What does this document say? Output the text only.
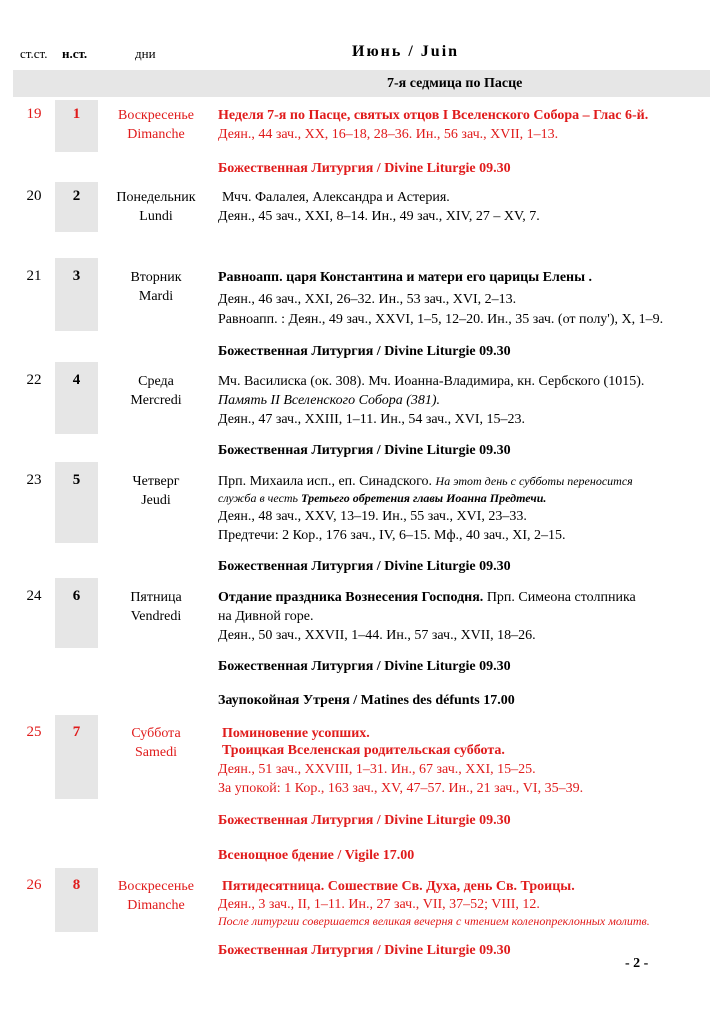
ст.ст. н.ст.	дни	Июнь / Juin
7-я седмица по Пасце
19	1	Воскресенье
Dimanche
Неделя 7-я по Пасце, святых отцов I Вселенского Собора – Глас 6-й.
Деян., 44 зач., XX, 16–18, 28–36. Ин., 56 зач., XVII, 1–13.
Божественная Литургия / Divine Liturgie 09.30
20	2	Понедельник
Lundi
Мчч. Фалалея, Александра и Астерия.
Деян., 45 зач., XXI, 8–14. Ин., 49 зач., XIV, 27 – XV, 7.
21	3	Вторник
Mardi
Равноапп. царя Константина и матери его царицы Елены .
Деян., 46 зач., XXI, 26–32. Ин., 53 зач., XVI, 2–13.
Равноапп. : Деян., 49 зач., XXVI, 1–5, 12–20. Ин., 35 зач. (от полу'), X, 1–9.
Божественная Литургия / Divine Liturgie 09.30
22	4	Среда
Mercredi
Мч. Василиска (ок. 308). Мч. Иоанна-Владимира, кн. Сербского (1015).
Память II Вселенского Собора (381).
Деян., 47 зач., XXIII, 1–11. Ин., 54 зач., XVI, 15–23.
Божественная Литургия / Divine Liturgie 09.30
23	5	Четверг
Jeudi
Прп. Михаила исп., еп. Синадского. На этот день с субботы переносится
служба в честь Третьего обретения главы Иоанна Предтечи.
Деян., 48 зач., XXV, 13–19. Ин., 55 зач., XVI, 23–33.
Предтечи: 2 Кор., 176 зач., IV, 6–15. Мф., 40 зач., XI, 2–15.
Божественная Литургия / Divine Liturgie 09.30
24	6	Пятница
Vendredi
Отдание праздника Вознесения Господня. Прп. Симеона столпника
на Дивной горе.
Деян., 50 зач., XXVII, 1–44. Ин., 57 зач., XVII, 18–26.
Божественная Литургия / Divine Liturgie 09.30
Заупокойная Утреня / Matines des défunts 17.00
25	7	Суббота
Samedi
Поминовение усопших.
Троицкая Вселенская родительская суббота.
Деян., 51 зач., XXVIII, 1–31. Ин., 67 зач., XXI, 15–25.
За упокой: 1 Кор., 163 зач., XV, 47–57. Ин., 21 зач., VI, 35–39.
Божественная Литургия / Divine Liturgie 09.30
Всенощное бдение / Vigile 17.00
26	8	Воскресенье
Dimanche
Пятидесятница. Сошествие Св. Духа, день Св. Троицы.
Деян., 3 зач., II, 1–11. Ин., 27 зач., VII, 37–52; VIII, 12.
После литургии совершается великая вечерня с чтением коленопреклонных молитв.
Божественная Литургия / Divine Liturgie 09.30
- 2 -
